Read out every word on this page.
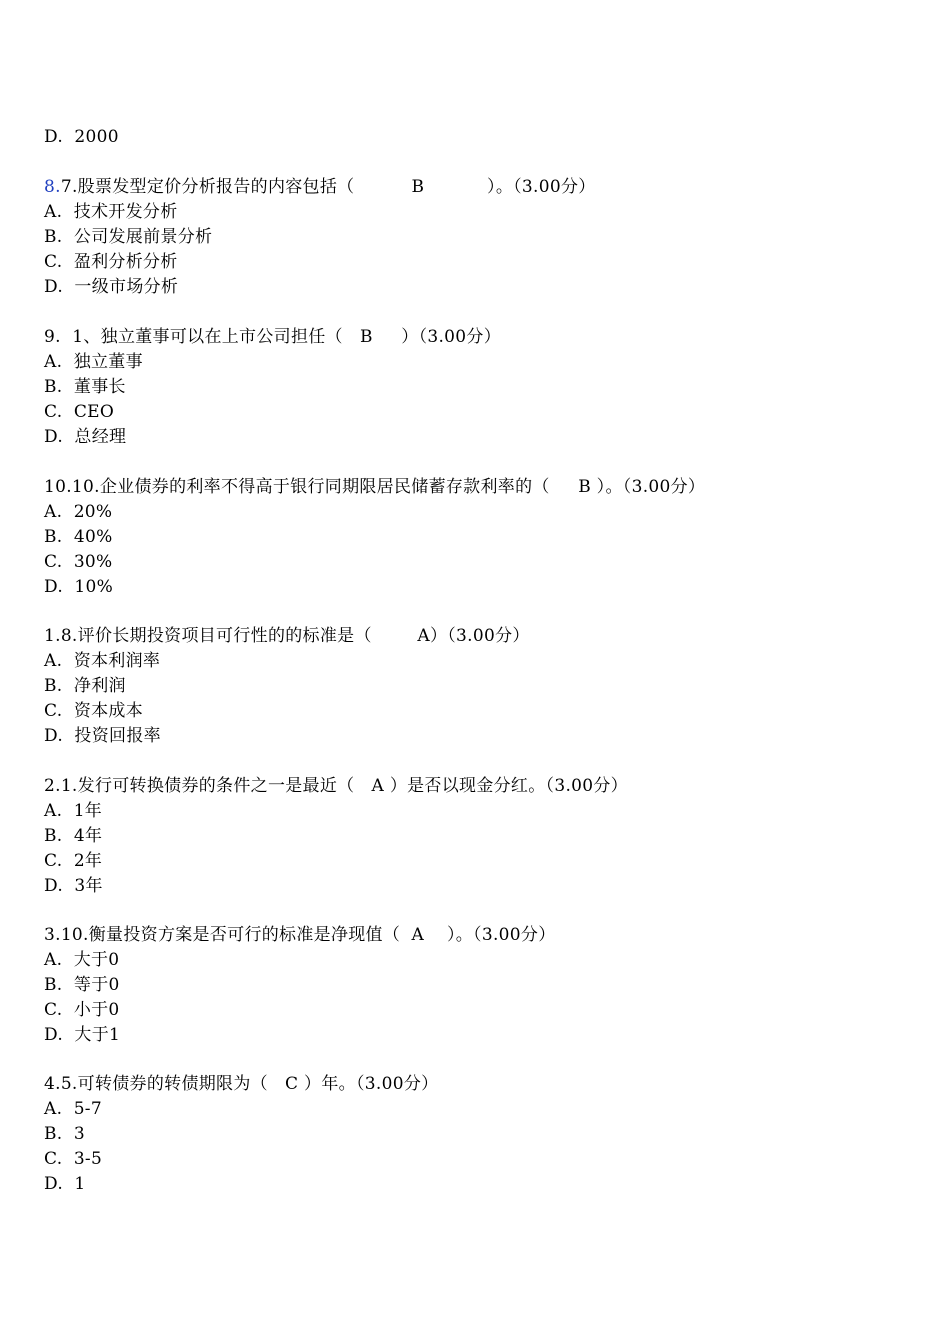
D.  2000
8.7.股票发型定价分析报告的内容包括（          B           ）。（3.00分）
A.  技术开发分析
B.  公司发展前景分析
C.  盈利分析分析
D.  一级市场分析
9.  1、独立董事可以在上市公司担任（   B     ）（3.00分）
A.  独立董事
B.  董事长
C.  CEO
D.  总经理
10.10.企业债券的利率不得高于银行同期限居民储蓄存款利率的（     B ）。（3.00分）
A.  20%
B.  40%
C.  30%
D.  10%
1.8.评价长期投资项目可行性的的标准是（        A）（3.00分）
A.  资本利润率
B.  净利润
C.  资本成本
D.  投资回报率
2.1.发行可转换债券的条件之一是最近（   A ）是否以现金分红。（3.00分）
A.  1年
B.  4年
C.  2年
D.  3年
3.10.衡量投资方案是否可行的标准是净现值（  A    ）。（3.00分）
A.  大于0
B.  等于0
C.  小于0
D.  大于1
4.5.可转债券的转债期限为（   C ）年。（3.00分）
A.  5-7
B.  3
C.  3-5
D.  1
